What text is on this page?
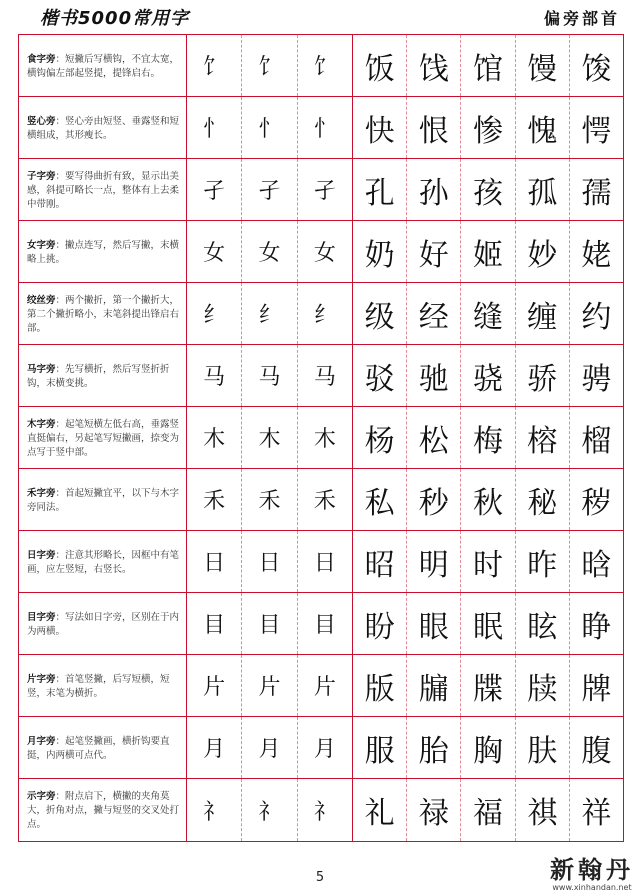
楷书5000常用字	偏旁部首
食字旁：短撇后写横钩，不宜太宽，横钩偏左部起竖提，提锋启右。	饣	饣	饣 饭 饯 馆 馒 馂
竖心旁：竖心旁由短竖、垂露竖和短横组成，其形瘦长。	忄	忄	忄 快 恨 惨 愧 愕
子字旁：要写得曲折有致，显示出美感，斜提可略长一点，整体有上去柔中带刚。	孑	孑	孑 孔 孙 孩 孤 孺
女字旁：撇点连写，然后写撇，末横略上挑。	女	女	女 奶 好 姬 妙 姥
绞丝旁：两个撇折，第一个撇折大，第二个撇折略小，末笔斜提出锋启右部。	纟	纟	纟 级 经 缝 缠 约
马字旁：先写横折，然后写竖折折钩，末横变挑。	马	马	马 驳 驰 骁 骄 骋
木字旁：起笔短横左低右高，垂露竖直挺偏右，另起笔写短撇画，捺变为点写于竖中部。	木	木	木 杨 松 梅 榕 榴
禾字旁：首起短撇宜平，以下与木字旁同法。	禾	禾	禾 私 秒 秋 秘 秽
日字旁：注意其形略长，因框中有笔画，应左竖短，右竖长。	日	日	日 昭 明 时 昨 晗
目字旁：写法如日字旁，区别在于内为两横。	目	目	目 盼 眼 眠 眩 睁
片字旁：首笔竖撇，后写短横，短竖，末笔为横折。	片	片	片 版 牖 牒 牍 牌
月字旁：起笔竖撇画，横折钩要直挺，内两横可点代。	月	月	月 服 胎 胸 肤 腹
示字旁：附点启下，横撇的夹角莫大，折角对点，撇与短竖的交叉处打点。	礻	礻	礻 礼 禄 福 祺 祥
5	新翰丹
www.xinhandan.net
